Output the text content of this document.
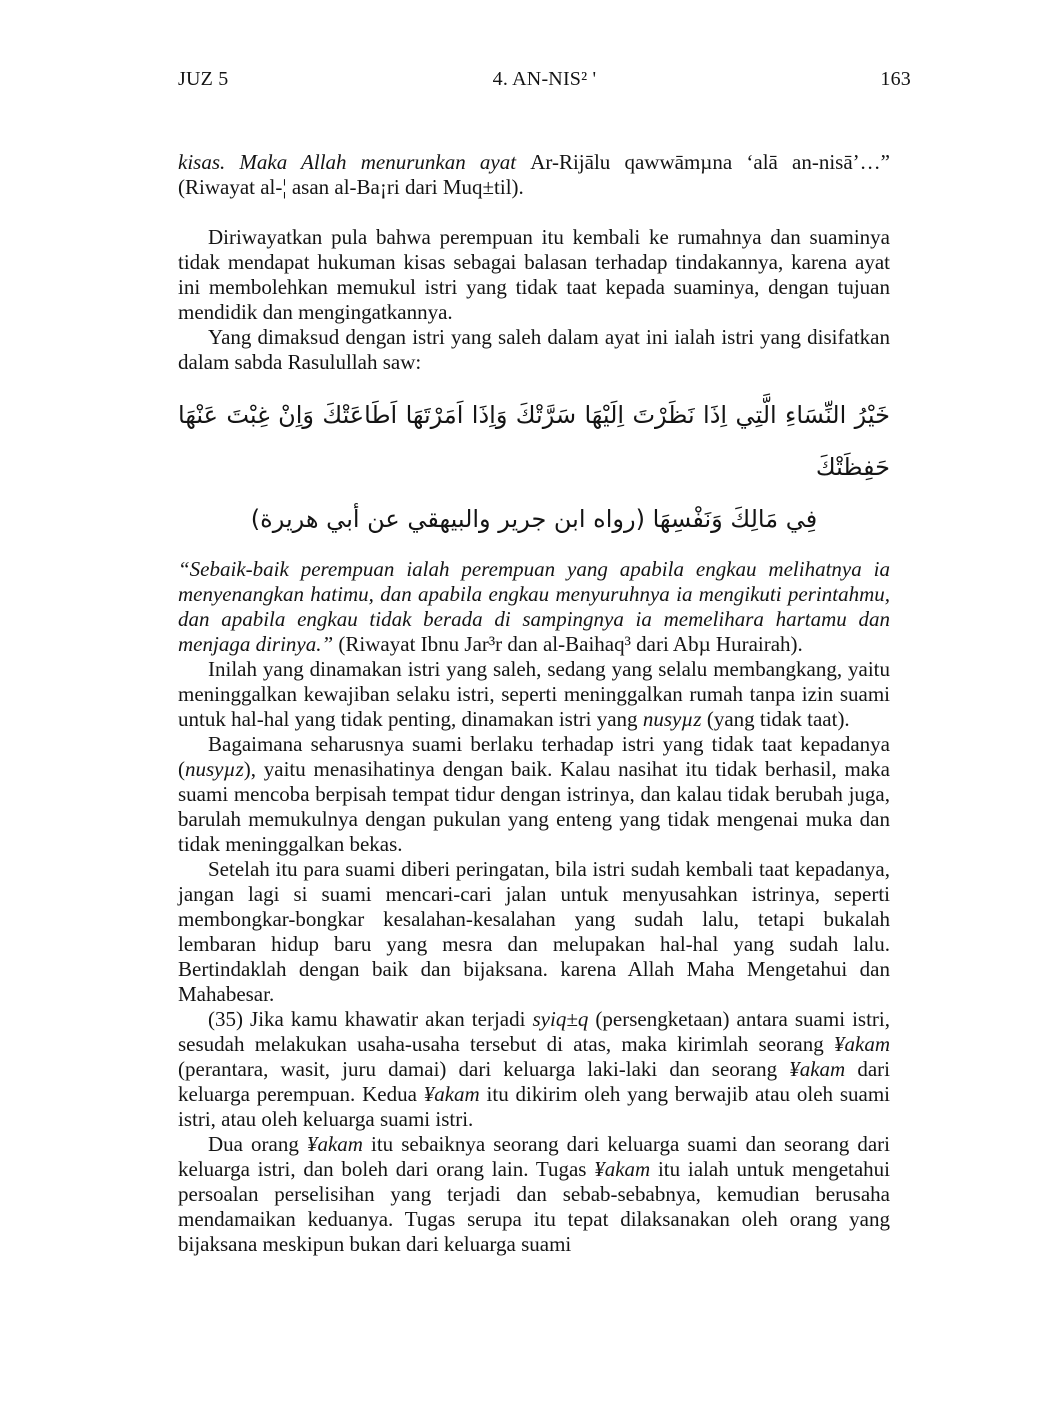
JUZ 5	4. AN-NIS² '	163

kisas. Maka Allah menurunkan ayat Ar-Rijālu qawwāmµna ‘alā an-nisā’…” (Riwayat al-¦ asan al-Ba¡ri dari Muq±til).

Diriwayatkan pula bahwa perempuan itu kembali ke rumahnya dan suaminya tidak mendapat hukuman kisas sebagai balasan terhadap tindakannya, karena ayat ini membolehkan memukul istri yang tidak taat kepada suaminya, dengan tujuan mendidik dan mengingatkannya.

Yang dimaksud dengan istri yang saleh dalam ayat ini ialah istri yang disifatkan dalam sabda Rasulullah saw:

خَيْرُ النِّسَاءِ الَّتِي اِذَا نَظَرْتَ اِلَيْهَا سَرَّتْكَ وَاِذَا اَمَرْتَهَا اَطَاعَتْكَ وَاِنْ غِبْتَ عَنْهَا حَفِظَتْكَ
فِي مَالِكَ وَنَفْسِهَا (رواه ابن جرير والبيهقي عن أبي هريرة)

“Sebaik-baik perempuan ialah perempuan yang apabila engkau melihatnya ia menyenangkan hatimu, dan apabila engkau menyuruhnya ia mengikuti perintahmu, dan apabila engkau tidak berada di sampingnya ia memelihara hartamu dan menjaga dirinya.” (Riwayat Ibnu Jar³r dan al-Baihaq³ dari Abµ Hurairah).

Inilah yang dinamakan istri yang saleh, sedang yang selalu membangkang, yaitu meninggalkan kewajiban selaku istri, seperti meninggalkan rumah tanpa izin suami untuk hal-hal yang tidak penting, dinamakan istri yang nusyµz (yang tidak taat).

Bagaimana seharusnya suami berlaku terhadap istri yang tidak taat kepadanya (nusyµz), yaitu menasihatinya dengan baik. Kalau nasihat itu tidak berhasil, maka suami mencoba berpisah tempat tidur dengan istrinya, dan kalau tidak berubah juga, barulah memukulnya dengan pukulan yang enteng yang tidak mengenai muka dan tidak meninggalkan bekas.

Setelah itu para suami diberi peringatan, bila istri sudah kembali taat kepadanya, jangan lagi si suami mencari-cari jalan untuk menyusahkan istrinya, seperti membongkar-bongkar kesalahan-kesalahan yang sudah lalu, tetapi bukalah lembaran hidup baru yang mesra dan melupakan hal-hal yang sudah lalu. Bertindaklah dengan baik dan bijaksana. karena Allah Maha Mengetahui dan Mahabesar.

(35) Jika kamu khawatir akan terjadi syiq±q (persengketaan) antara suami istri, sesudah melakukan usaha-usaha tersebut di atas, maka kirimlah seorang ¥akam (perantara, wasit, juru damai) dari keluarga laki-laki dan seorang ¥akam dari keluarga perempuan. Kedua ¥akam itu dikirim oleh yang berwajib atau oleh suami istri, atau oleh keluarga suami istri.

Dua orang ¥akam itu sebaiknya seorang dari keluarga suami dan seorang dari keluarga istri, dan boleh dari orang lain. Tugas ¥akam itu ialah untuk mengetahui persoalan perselisihan yang terjadi dan sebab-sebabnya, kemudian berusaha mendamaikan keduanya. Tugas serupa itu tepat dilaksanakan oleh orang yang bijaksana meskipun bukan dari keluarga suami
